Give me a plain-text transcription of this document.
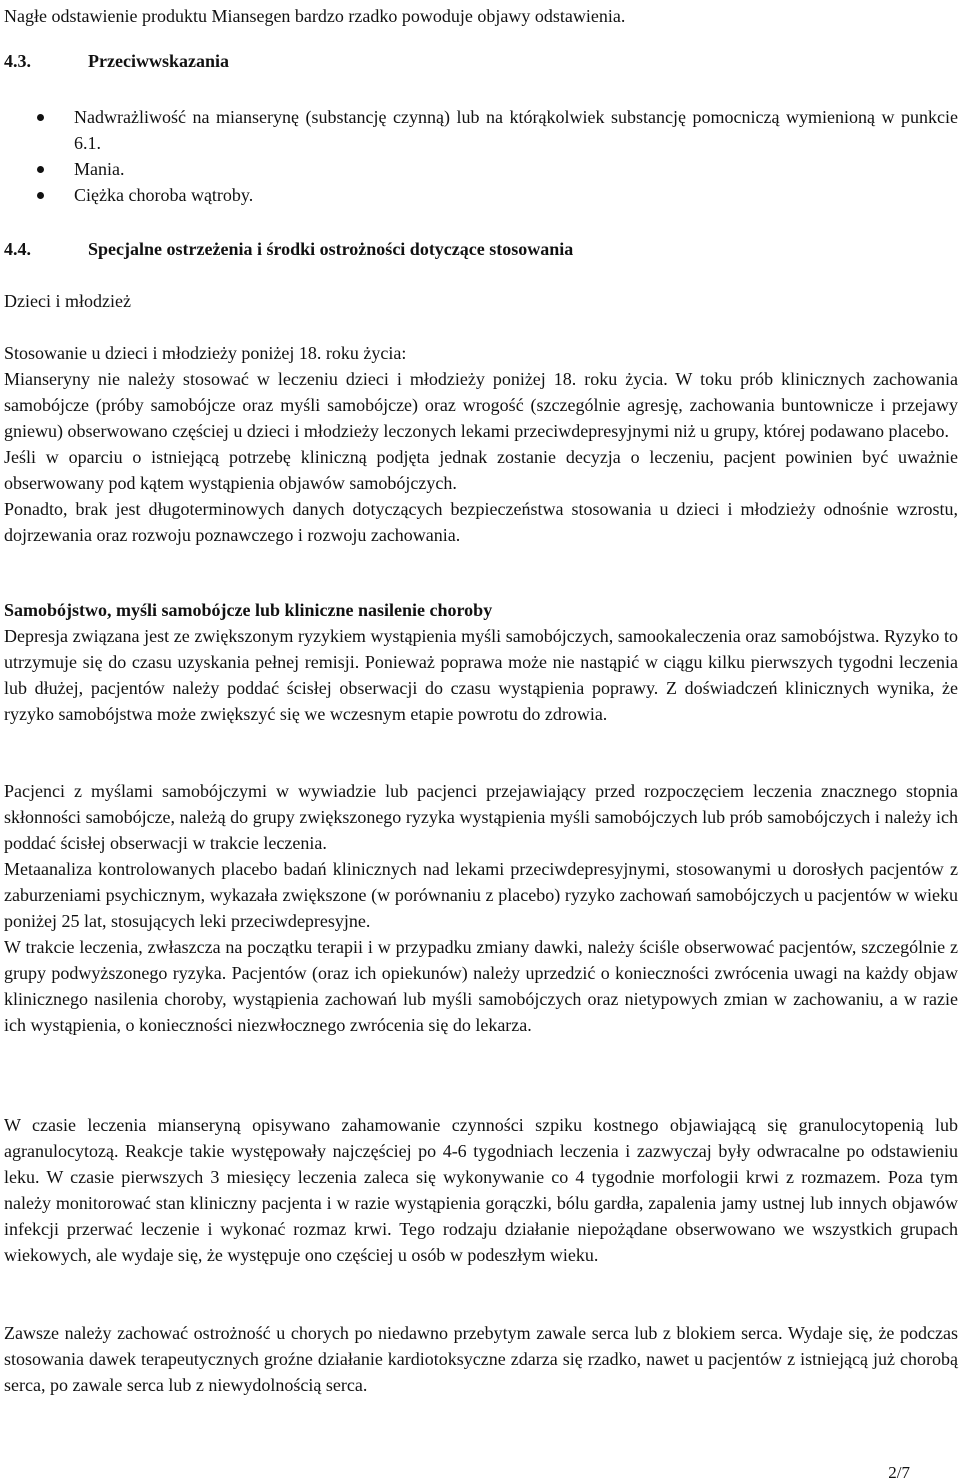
Nagłe odstawienie produktu Miansegen bardzo rzadko powoduje objawy odstawienia.

4.3.	Przeciwwskazania
Nadwrażliwość na mianserynę (substancję czynną) lub na którąkolwiek substancję pomocniczą wymienioną w punkcie 6.1.
Mania.
Ciężka choroba wątroby.
4.4.	Specjalne ostrzeżenia i środki ostrożności dotyczące stosowania

Dzieci i młodzież

Stosowanie u dzieci i młodzieży poniżej 18. roku życia:

Mianseryny nie należy stosować w leczeniu dzieci i młodzieży poniżej 18. roku życia. W toku prób klinicznych zachowania samobójcze (próby samobójcze oraz myśli samobójcze) oraz wrogość (szczególnie agresję, zachowania buntownicze i przejawy gniewu) obserwowano częściej u dzieci i młodzieży leczonych lekami przeciwdepresyjnymi niż u grupy, której podawano placebo.

Jeśli w oparciu o istniejącą potrzebę kliniczną podjęta jednak zostanie decyzja o leczeniu, pacjent powinien być uważnie obserwowany pod kątem wystąpienia objawów samobójczych.

Ponadto, brak jest długoterminowych danych dotyczących bezpieczeństwa stosowania u dzieci i młodzieży odnośnie wzrostu, dojrzewania oraz rozwoju poznawczego i rozwoju zachowania.

Samobójstwo, myśli samobójcze lub kliniczne nasilenie choroby

Depresja związana jest ze zwiększonym ryzykiem wystąpienia myśli samobójczych, samookaleczenia oraz samobójstwa. Ryzyko to utrzymuje się do czasu uzyskania pełnej remisji. Ponieważ poprawa może nie nastąpić w ciągu kilku pierwszych tygodni leczenia lub dłużej, pacjentów należy poddać ścisłej obserwacji do czasu wystąpienia poprawy. Z doświadczeń klinicznych wynika, że ryzyko samobójstwa może zwiększyć się we wczesnym etapie powrotu do zdrowia.

Pacjenci z myślami samobójczymi w wywiadzie lub pacjenci przejawiający przed rozpoczęciem leczenia znacznego stopnia skłonności samobójcze, należą do grupy zwiększonego ryzyka wystąpienia myśli samobójczych lub prób samobójczych i należy ich poddać ścisłej obserwacji w trakcie leczenia.

Metaanaliza kontrolowanych placebo badań klinicznych nad lekami przeciwdepresyjnymi, stosowanymi u dorosłych pacjentów z zaburzeniami psychicznym, wykazała zwiększone (w porównaniu z placebo) ryzyko zachowań samobójczych u pacjentów w wieku poniżej 25 lat, stosujących leki przeciwdepresyjne.

W trakcie leczenia, zwłaszcza na początku terapii i w przypadku zmiany dawki, należy ściśle obserwować pacjentów, szczególnie z grupy podwyższonego ryzyka. Pacjentów (oraz ich opiekunów) należy uprzedzić o konieczności zwrócenia uwagi na każdy objaw klinicznego nasilenia choroby, wystąpienia zachowań lub myśli samobójczych oraz nietypowych zmian w zachowaniu, a w razie ich wystąpienia, o konieczności niezwłocznego zwrócenia się do lekarza.

W czasie leczenia mianseryną opisywano zahamowanie czynności szpiku kostnego objawiającą się granulocytopenią lub agranulocytozą. Reakcje takie występowały najczęściej po 4-6 tygodniach leczenia i zazwyczaj były odwracalne po odstawieniu leku. W czasie pierwszych 3 miesięcy leczenia zaleca się wykonywanie co 4 tygodnie morfologii krwi z rozmazem. Poza tym należy monitorować stan kliniczny pacjenta i w razie wystąpienia gorączki, bólu gardła, zapalenia jamy ustnej lub innych objawów infekcji przerwać leczenie i wykonać rozmaz krwi. Tego rodzaju działanie niepożądane obserwowano we wszystkich grupach wiekowych, ale wydaje się, że występuje ono częściej u osób w podeszłym wieku.

Zawsze należy zachować ostrożność u chorych po niedawno przebytym zawale serca lub z blokiem serca. Wydaje się, że podczas stosowania dawek terapeutycznych groźne działanie kardiotoksyczne zdarza się rzadko, nawet u pacjentów z istniejącą już chorobą serca, po zawale serca lub z niewydolnością serca.

2/7
